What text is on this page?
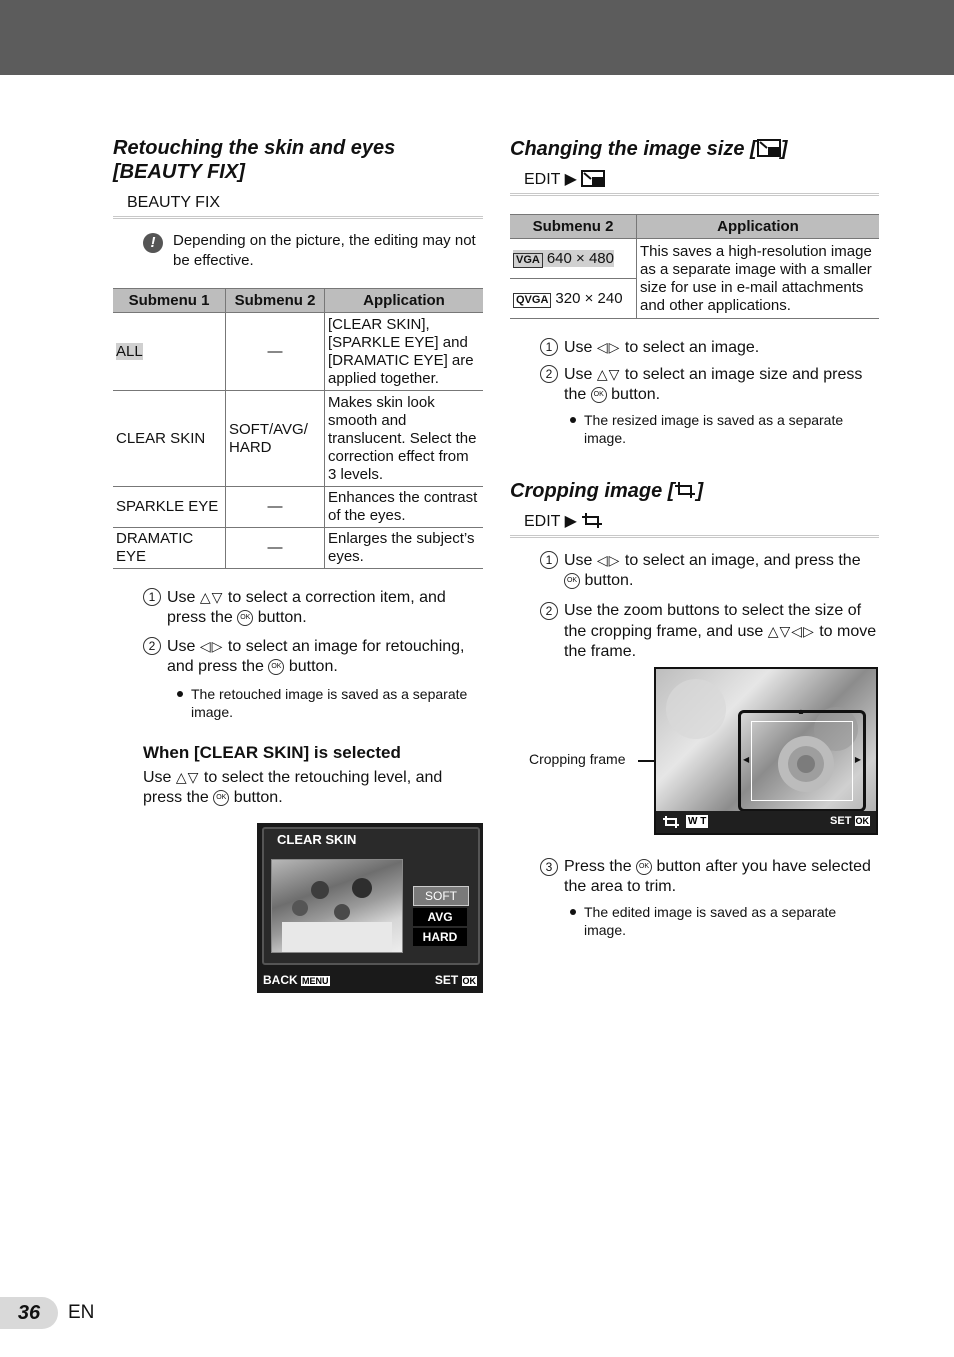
Retouching the skin and eyes [BEAUTY FIX]
BEAUTY FIX
!	Depending on the picture, the editing may not be effective.
Submenu 1	Submenu 2	Application
ALL	—	[CLEAR SKIN], [SPARKLE EYE] and [DRAMATIC EYE] are applied together.
CLEAR SKIN	SOFT/AVG/ HARD	Makes skin look smooth and translucent. Select the correction effect from 3 levels.
SPARKLE EYE	—	Enhances the contrast of the eyes.
DRAMATIC EYE	—	Enlarges the subject’s eyes.
1 Use △▽ to select a correction item, and press the OK button.
2 Use ◁▷ to select an image for retouching, and press the OK button.
The retouched image is saved as a separate image.
When [CLEAR SKIN] is selected
Use △▽ to select the retouching level, and press the OK button.
CLEAR SKIN
SOFT
AVG
HARD
BACK MENU	SET OK
Changing the image size [ ]
EDIT ▶
Submenu 2	Application
VGA 640 × 480	This saves a high-resolution image as a separate image with a smaller size for use in e-mail attachments and other applications.
QVGA 320 × 240	
1 Use ◁▷ to select an image.
2 Use △▽ to select an image size and press the OK button.
The resized image is saved as a separate image.
Cropping image [ ]
EDIT ▶
1 Use ◁▷ to select an image, and press the OK button.
2 Use the zoom buttons to select the size of the cropping frame, and use △▽◁▷ to move the frame.
Cropping frame
▲
◀	▶
W T	SET OK
3 Press the OK button after you have selected the area to trim.
The edited image is saved as a separate image.
36	EN
